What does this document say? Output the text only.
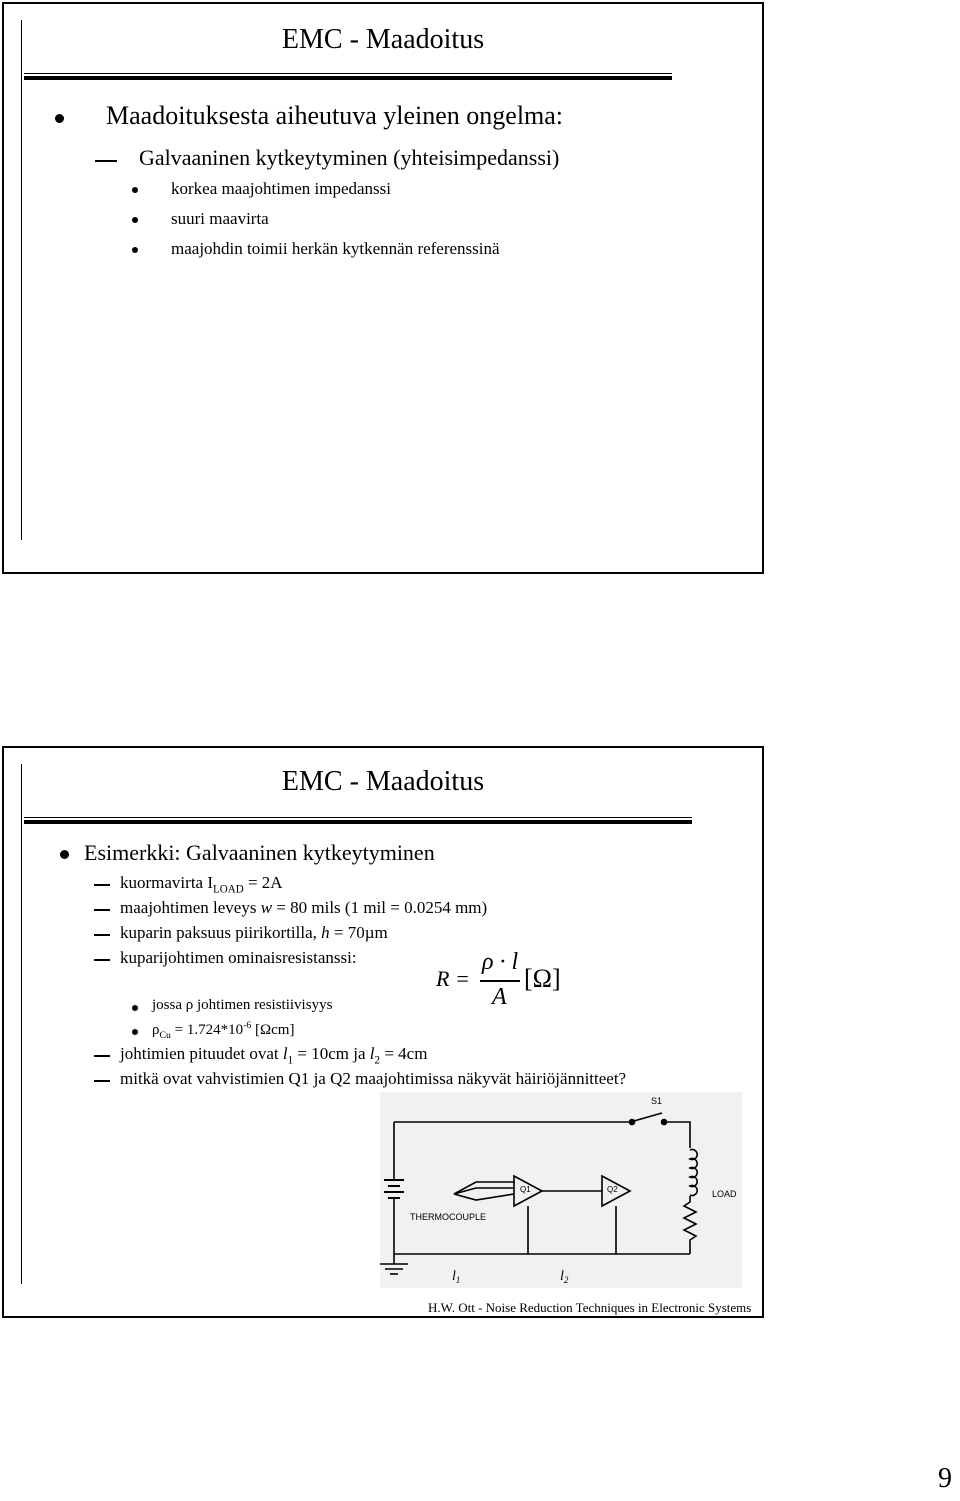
EMC - Maadoitus
Maadoituksesta aiheutuva yleinen ongelma:
Galvaaninen kytkeytyminen (yhteisimpedanssi)
korkea maajohtimen impedanssi
suuri maavirta
maajohdin toimii herkän kytkennän referenssinä
EMC - Maadoitus
Esimerkki: Galvaaninen kytkeytyminen
kuormavirta $I_{LOAD} = 2A$
maajohtimen leveys w = 80 mils (1 mil = 0.0254 mm)
kuparin paksuus piirikortilla, h = 70µm
kuparijohtimen ominaisresistanssi:
R =
ρ · l
A
[Ω]
jossa ρ johtimen resistiivisyys
$\rho_{Cu} = 1.724*10^{-6}$ [Ωcm]
johtimien pituudet ovat $l_1 = 10cm$ ja $l_2 = 4cm$
mitkä ovat vahvistimien Q1 ja Q2 maajohtimissa näkyvät häiriöjännitteet?
S1
Q1	Q2	LOAD
THERMOCOUPLE
$l_1$	$l_2$
H.W. Ott - Noise Reduction Techniques in Electronic Systems
9
